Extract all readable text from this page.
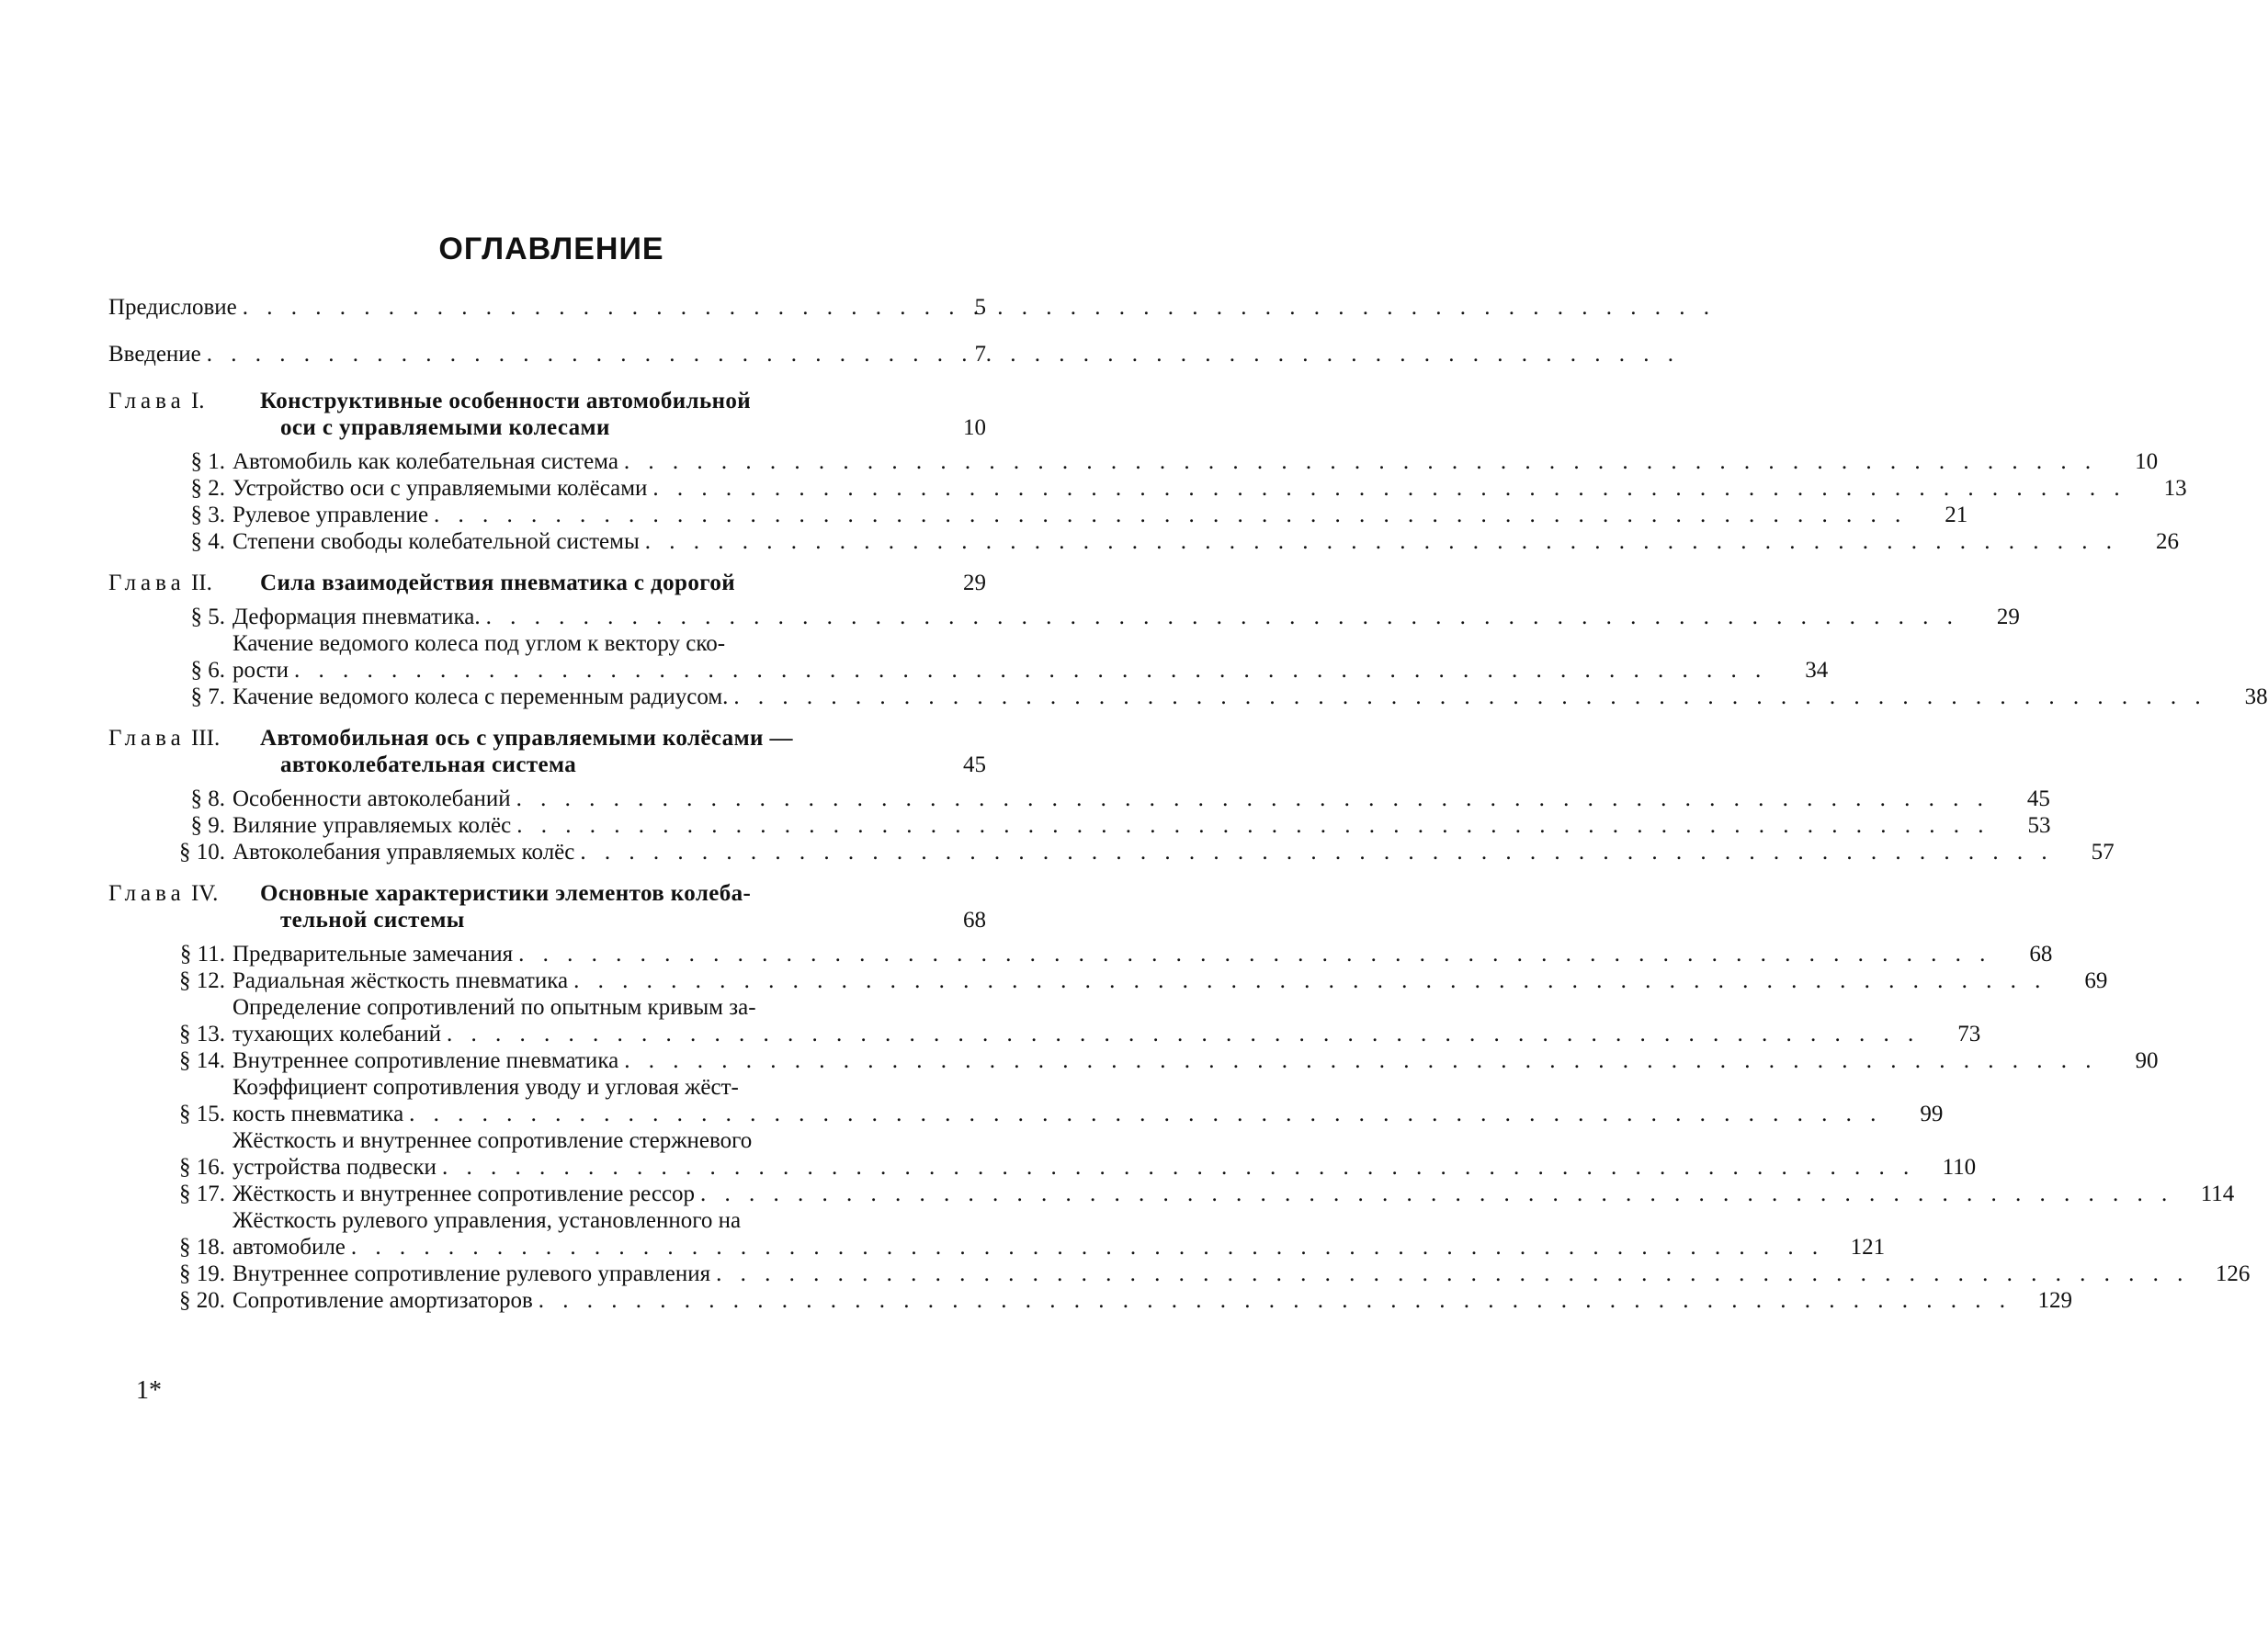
ОГЛАВЛЕНИЕ
Предисловие . . .	5
Введение . . .	7
Глава I.	Конструктивные особенности автомобильной
оси с управляемыми колесами	10
§ 1. Автомобиль как колебательная система . . .	10
§ 2. Устройство оси с управляемыми колёсами . . .	13
§ 3. Рулевое управление . . .	21
§ 4. Степени свободы колебательной системы . . .	26
Глава II.	Сила взаимодействия пневматика с дорогой	29
§ 5. Деформация пневматика. . . .	29
§ 6.
Качение ведомого колеса под углом к вектору ско-
рости . . .	34
§ 7. Качение ведомого колеса с переменным радиусом. . . .	38
Глава III.	Автомобильная ось с управляемыми колёсами —
автоколебательная система	45
§ 8. Особенности автоколебаний . . .	45
§ 9. Виляние управляемых колёс . . .	53
§ 10. Автоколебания управляемых колёс . . .	57
Глава IV.	Основные характеристики элементов колеба-
тельной системы	68
§ 11. Предварительные замечания . . .	68
§ 12. Радиальная жёсткость пневматика . . .	69
§ 13.
Определение сопротивлений по опытным кривым за-
тухающих колебаний . . .	73
§ 14. Внутреннее сопротивление пневматика . . .	90
§ 15.
Коэффициент сопротивления уводу и угловая жёст-
кость пневматика . . .	99
§ 16.
Жёсткость и внутреннее сопротивление стержневого
устройства подвески . . .	110
§ 17. Жёсткость и внутреннее сопротивление рессор . . .	114
§ 18.
Жёсткость рулевого управления, установленного на
автомобиле . . .	121
§ 19. Внутреннее сопротивление рулевого управления . . .	126
§ 20. Сопротивление амортизаторов . . .	129
1*
